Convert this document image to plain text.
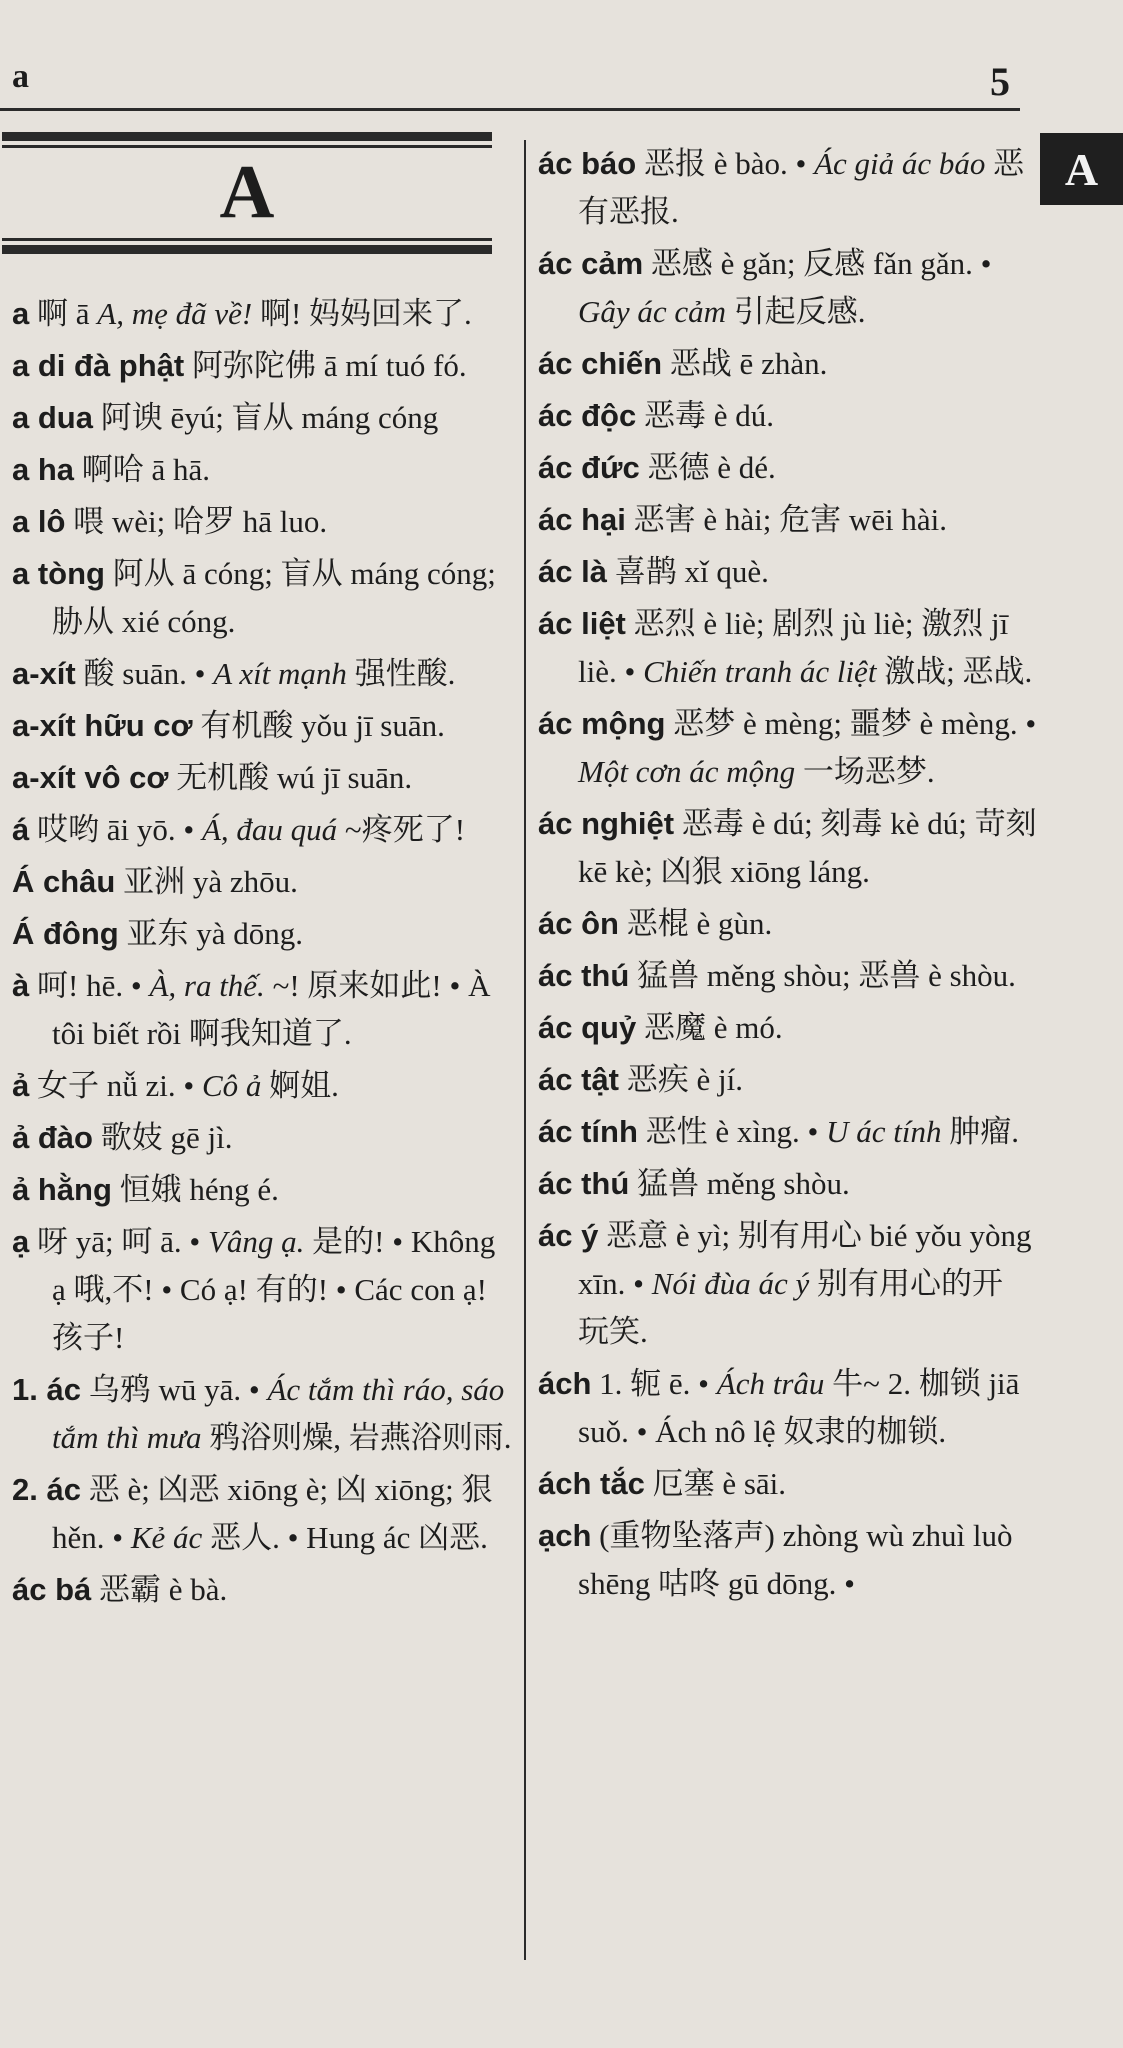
a	5
A
A
a 啊 ā A, mẹ đã về! 啊! 妈妈回来了.
a di đà phật 阿弥陀佛 ā mí tuó fó.
a dua 阿谀 ēyú; 盲从 máng cóng
a ha 啊哈 ā hā.
a lô 喂 wèi; 哈罗 hā luo.
a tòng 阿从 ā cóng; 盲从 máng cóng; 胁从 xié cóng.
a-xít 酸 suān. • A xít mạnh 强性酸.
a-xít hữu cơ 有机酸 yǒu jī suān.
a-xít vô cơ 无机酸 wú jī suān.
á 哎哟 āi yō. • Á, đau quá ~疼死了!
Á châu 亚洲 yà zhōu.
Á đông 亚东 yà dōng.
à 呵! hē. • À, ra thế. ~! 原来如此! • À tôi biết rồi 啊我知道了.
ả 女子 nǚ zi. • Cô ả 婀姐.
ả đào 歌妓 gē jì.
ả hằng 恒娥 héng é.
ạ 呀 yā; 呵 ā. • Vâng ạ. 是的! • Không ạ 哦,不! • Có ạ! 有的! • Các con ạ! 孩子!
1. ác 乌鸦 wū yā. • Ác tắm thì ráo, sáo tắm thì mưa 鸦浴则燥, 岩燕浴则雨.
2. ác 恶 è; 凶恶 xiōng è; 凶 xiōng; 狠 hěn. • Kẻ ác 恶人. • Hung ác 凶恶.
ác bá 恶霸 è bà.
ác báo 恶报 è bào. • Ác giả ác báo 恶有恶报.
ác cảm 恶感 è gǎn; 反感 fǎn gǎn. • Gây ác cảm 引起反感.
ác chiến 恶战 ē zhàn.
ác độc 恶毒 è dú.
ác đức 恶德 è dé.
ác hại 恶害 è hài; 危害 wēi hài.
ác là 喜鹊 xǐ què.
ác liệt 恶烈 è liè; 剧烈 jù liè; 激烈 jī liè. • Chiến tranh ác liệt 激战; 恶战.
ác mộng 恶梦 è mèng; 噩梦 è mèng. • Một cơn ác mộng 一场恶梦.
ác nghiệt 恶毒 è dú; 刻毒 kè dú; 苛刻 kē kè; 凶狠 xiōng láng.
ác ôn 恶棍 è gùn.
ác thú 猛兽 měng shòu; 恶兽 è shòu.
ác quỷ 恶魔 è mó.
ác tật 恶疾 è jí.
ác tính 恶性 è xìng. • U ác tính 肿瘤.
ác thú 猛兽 měng shòu.
ác ý 恶意 è yì; 别有用心 bié yǒu yòng xīn. • Nói đùa ác ý 别有用心的开 玩笑.
ách 1. 轭 ē. • Ách trâu 牛~ 2. 枷锁 jiā suǒ. • Ách nô lệ 奴隶的枷锁.
ách tắc 厄塞 è sāi.
ạch (重物坠落声) zhòng wù zhuì luò shēng 咕咚 gū dōng. •
